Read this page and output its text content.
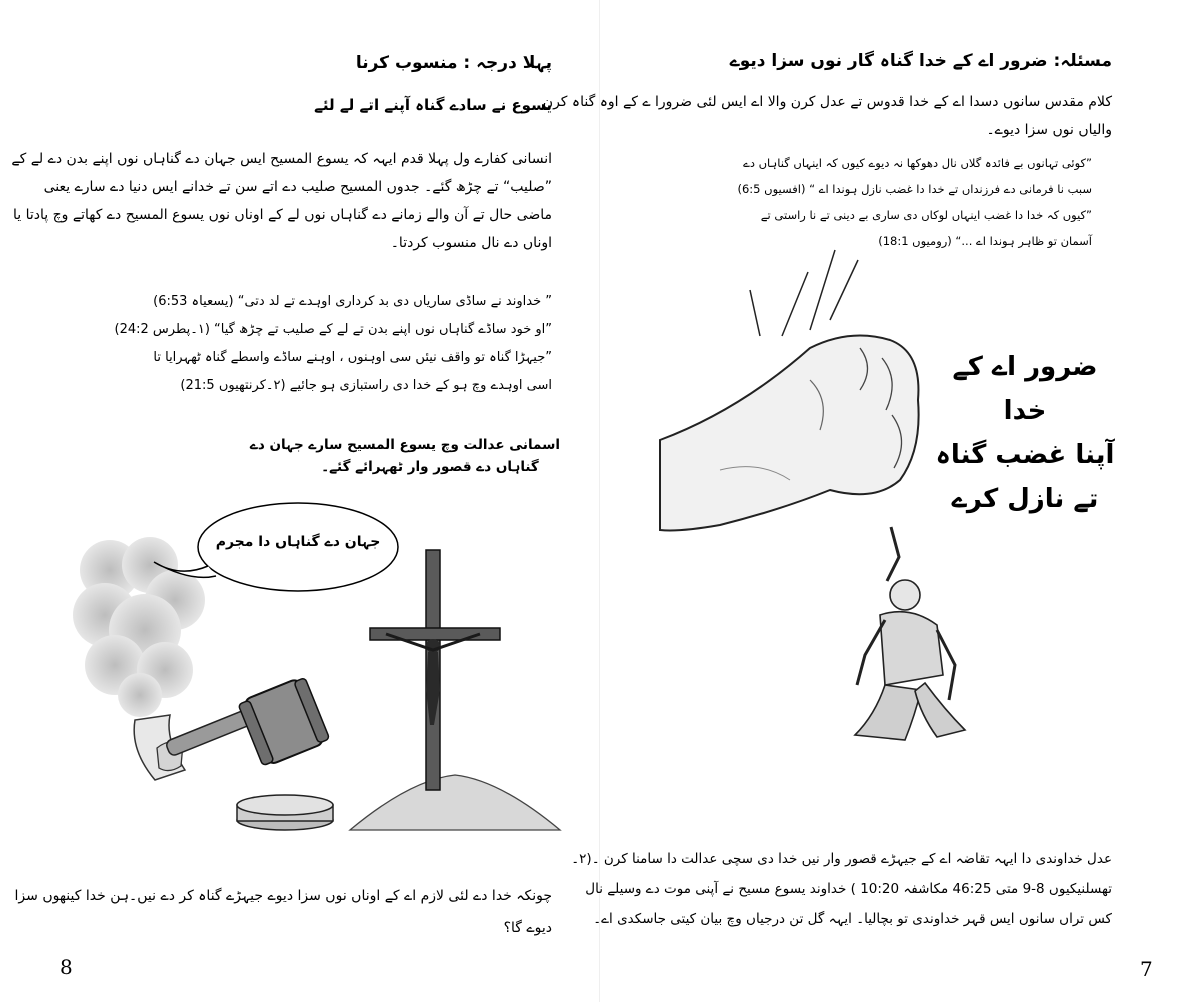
پہلا درجہ : منسوب کرنا
یسوع نے سادے گناہ آپنے اتے لے لئے
انسانی کفارے ول پہلا قدم ایہہ کہ یسوع المسیح ایس جہان دے گناہاں نوں اپنے بدن دے لے کے
”صلیب“ تے چڑھ گئے۔ جدوں المسیح صلیب دے اتے سن تے خدانے ایس دنیا دے سارے یعنی
ماضی حال تے آن والے زمانے دے گناہاں نوں لے کے اوناں نوں یسوع المسیح دے کھاتے وچ پادتا یا
اوناں دے نال منسوب کردتا۔
” خداوند نے ساڈی ساریاں دی بد کرداری اوہدے تے لد دتی“ (یسعیاہ 6:53)
”او خود ساڈے گناہاں نوں اپنے بدن تے لے کے صلیب تے چڑھ گیا“ (۱۔پطرس 24:2)
”جیہڑا گناہ تو واقف نیئں سی اوہنوں ، اوہنے ساڈے واسطے گناہ ٹھہرایا تا
اسی اوہدے وچ ہو کے خدا دی راستبازی ہو جائیے (۲۔کرنتھیوں 21:5)
اسمانی عدالت وچ یسوع المسیح سارے جہان دے
گناہاں دے قصور وار ٹھہرائے گئے۔
جہان دے گناہاں دا مجرم
چونکہ خدا دے لئی لازم اے کے اوناں نوں سزا دیوے جیہڑے گناہ کر دے نیں۔ہن خدا کینھوں سزا
دیوے گا؟
8
مسئلہ: ضرور اے کے خدا گناہ گار نوں سزا دیوے
کلام مقدس سانوں دسدا اے کے خدا قدوس تے عدل کرن والا اے ایس لئی ضرورا ے کے اوہ گناہ کرن
والیاں نوں سزا دیوے۔
”کوئی تہانوں بے فائدہ گلاں نال دھوکھا نہ دیوے کیوں کہ اینہاں گناہاں دے
سبب نا فرمانی دے فرزنداں تے خدا دا غضب نازل ہوندا اے “ (افسیوں 6:5)
”کیوں کہ خدا دا غضب اینہاں لوکاں دی ساری بے دینی تے نا راستی تے
آسمان تو ظاہر ہوندا اے ...“ (رومیوں 18:1)
ضرور اے کے خدا
آپنا غضب گناہ
تے نازل کرے
عدل خداوندی دا ایہہ تقاضہ اے کے جیہڑے قصور وار نیں خدا دی سچی عدالت دا سامنا کرن ۔(۲۔
تھسلنیکیوں 8-9 متی 46:25 مکاشفہ 10:20 ) خداوند یسوع مسیح نے آپنی موت دے وسیلے نال
کس تراں سانوں ایس قہر خداوندی تو بچالیا۔ ایہہ گل تن درجیاں وچ بیان کیتی جاسکدی اے۔
7
